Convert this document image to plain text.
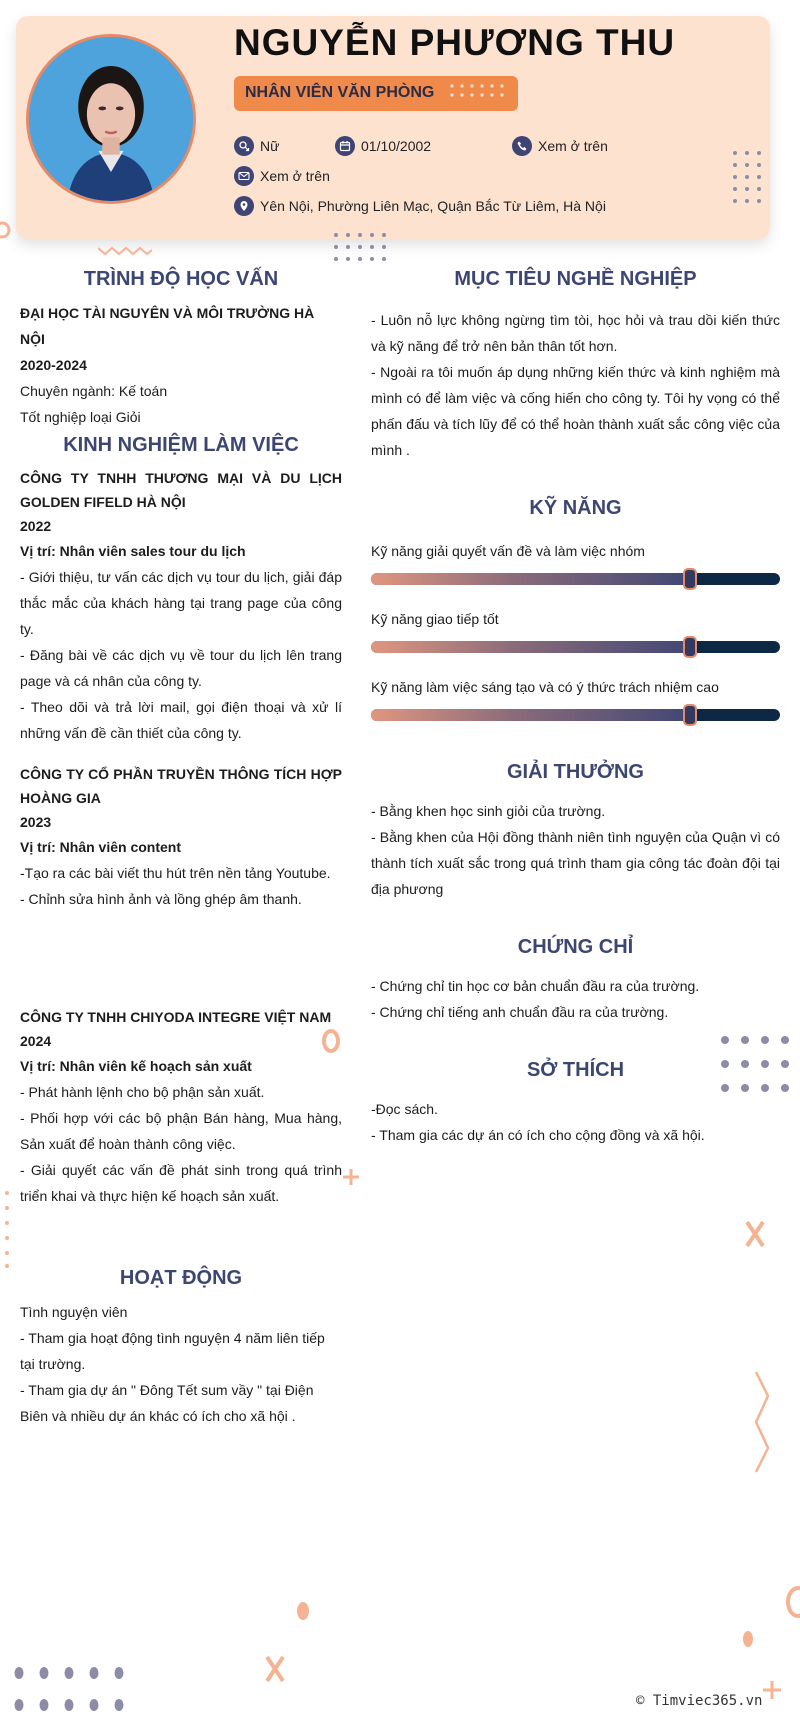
NGUYỄN PHƯƠNG THU
NHÂN VIÊN VĂN PHÒNG
Nữ	01/10/2002	Xem ở trên
Xem ở trên
Yên Nội, Phường Liên Mạc, Quận Bắc Từ Liêm, Hà Nội
TRÌNH ĐỘ HỌC VẤN
ĐẠI HỌC TÀI NGUYÊN VÀ MÔI TRƯỜNG HÀ NỘI
2020-2024
Chuyên ngành: Kế toán
Tốt nghiệp loại Giỏi
KINH NGHIỆM LÀM VIỆC
CÔNG TY TNHH THƯƠNG MẠI VÀ DU LỊCH GOLDEN FIFELD HÀ NỘI
2022
Vị trí: Nhân viên sales tour du lịch
- Giới thiệu, tư vấn các dịch vụ tour du lịch, giải đáp thắc mắc của khách hàng tại trang page của công ty.
- Đăng bài về các dịch vụ về tour du lịch lên trang page và cá nhân của công ty.
- Theo dõi và trả lời mail, gọi điện thoại và xử lí những vấn đề cần thiết của công ty.
CÔNG TY CỔ PHẦN TRUYỀN THÔNG TÍCH HỢP HOÀNG GIA
2023
Vị trí: Nhân viên content
-Tạo ra các bài viết thu hút trên nền tảng Youtube.
- Chỉnh sửa hình ảnh và lồng ghép âm thanh.
CÔNG TY TNHH CHIYODA INTEGRE VIỆT NAM
2024
Vị trí: Nhân viên kế hoạch sản xuất
- Phát hành lệnh cho bộ phận sản xuất.
- Phối hợp với các bộ phận Bán hàng, Mua hàng, Sản xuất để hoàn thành công việc.
- Giải quyết các vấn đề phát sinh trong quá trình triển khai và thực hiện kế hoạch sản xuất.
HOẠT ĐỘNG
Tình nguyện viên
- Tham gia hoạt động tình nguyện 4 năm liên tiếp tại trường.
- Tham gia dự án " Đông Tết sum vầy " tại Điện Biên và nhiều dự án khác có ích cho xã hội .
MỤC TIÊU NGHỀ NGHIỆP
- Luôn nỗ lực không ngừng tìm tòi, học hỏi và trau dồi kiến thức và kỹ năng để trở nên bản thân tốt hơn.
- Ngoài ra tôi muốn áp dụng những kiến thức và kinh nghiệm mà mình có để làm việc và cống hiến cho công ty. Tôi hy vọng có thể phấn đấu và tích lũy để có thể hoàn thành xuất sắc công việc của mình .
KỸ NĂNG
Kỹ năng giải quyết vấn đề và làm việc nhóm
Kỹ năng giao tiếp tốt
Kỹ năng làm việc sáng tạo và có ý thức trách nhiệm cao
GIẢI THƯỞNG
- Bằng khen học sinh giỏi của trường.
- Bằng khen của Hội đồng thành niên tình nguyện của Quận vì có thành tích xuất sắc trong quá trình tham gia công tác đoàn đội tại địa phương
CHỨNG CHỈ
- Chứng chỉ tin học cơ bản chuẩn đầu ra của trường.
- Chứng chỉ tiếng anh chuẩn đầu ra của trường.
SỞ THÍCH
-Đọc sách.
- Tham gia các dự án có ích cho cộng đồng và xã hội.
© Timviec365.vn
